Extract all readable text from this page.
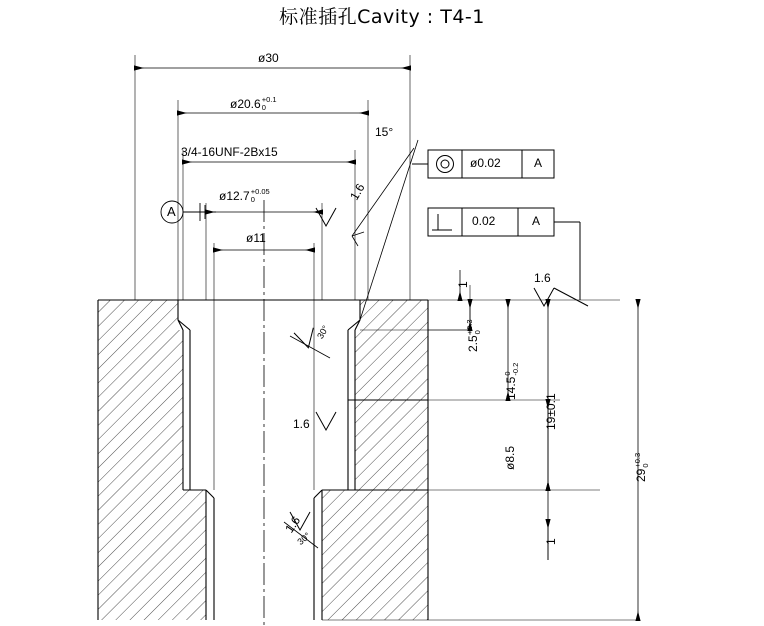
标准插孔Cavity : T4-1
ø30
ø20.6+0.1
0
3/4-16UNF-2Bx15
ø12.7+0.05
0
ø11
15°
A
ø0.02	A
0.02	A
1.6
1.6
1.6
1.6
30°
30°
2.5+0.3
0
14.50
-0.2
19±0.1
29+0.3
0
ø8.5
1
1
